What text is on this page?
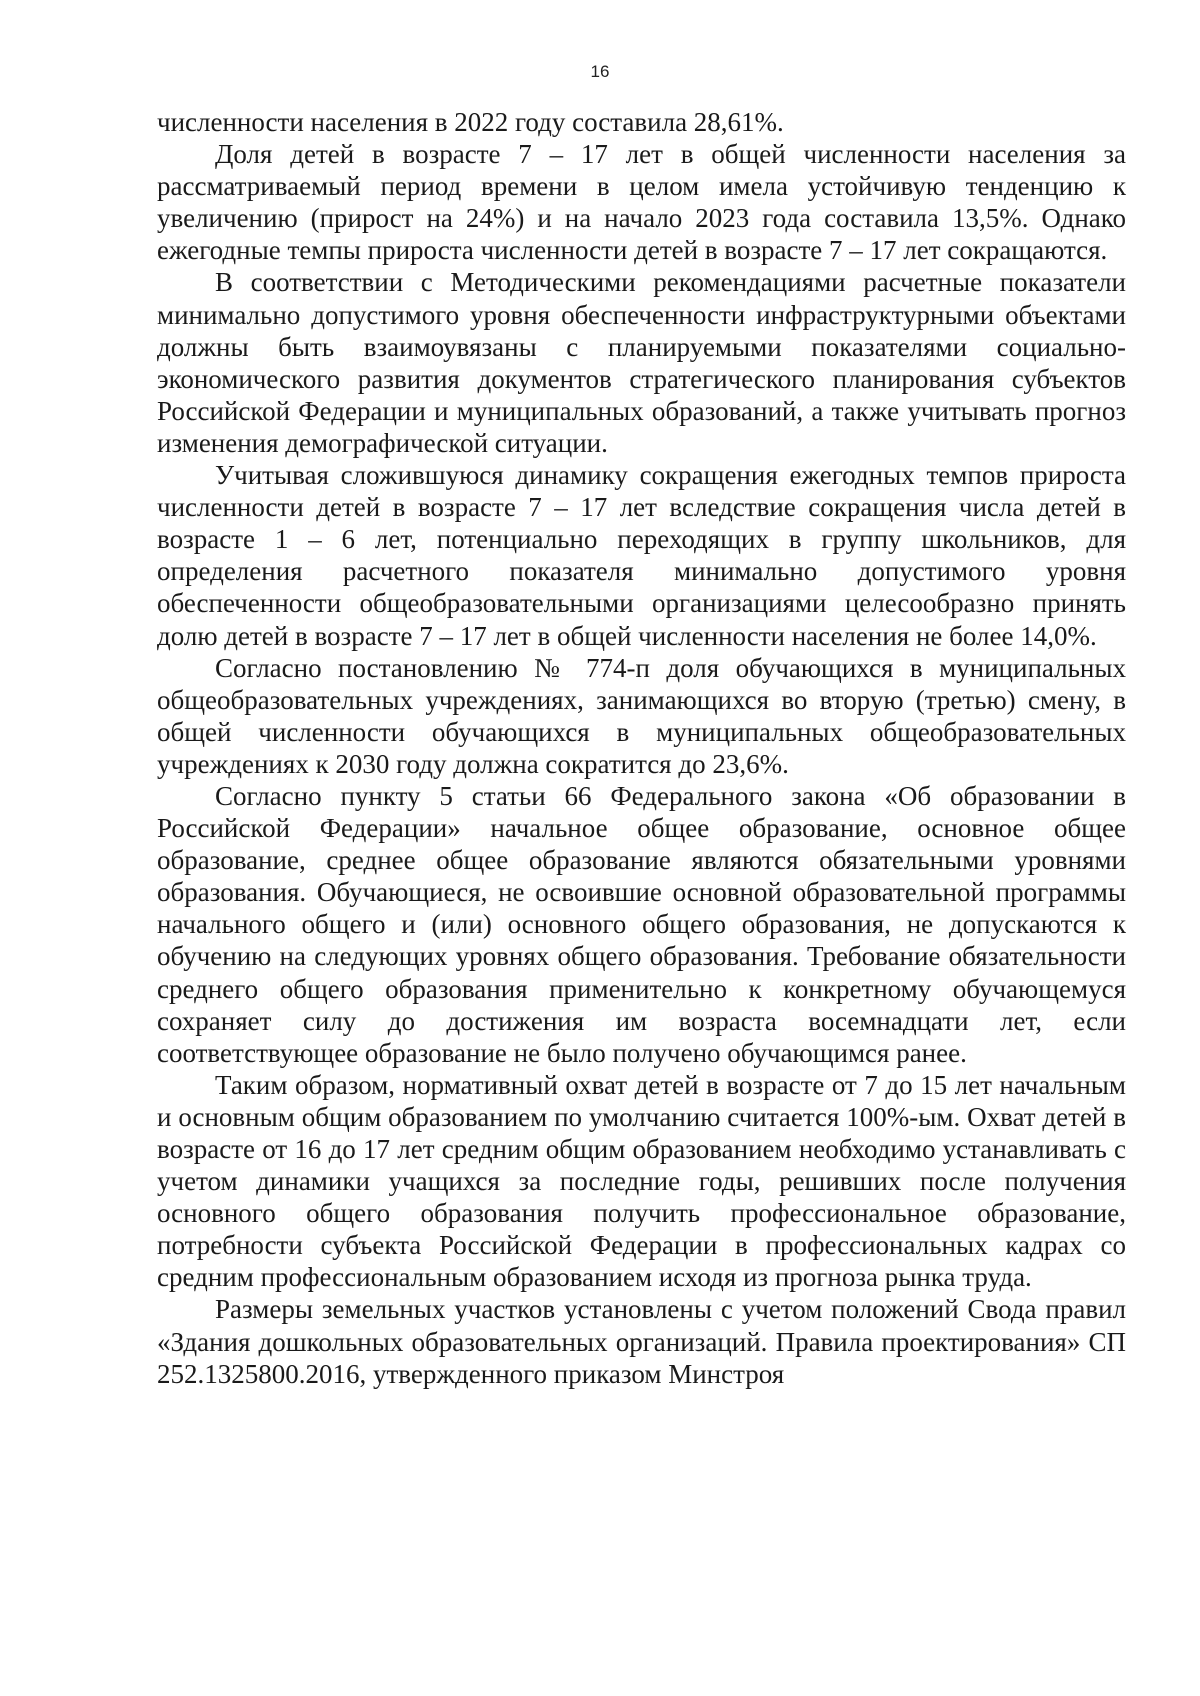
16

численности населения в 2022 году составила 28,61%.

Доля детей в возрасте 7 – 17 лет в общей численности населения за рассматриваемый период времени в целом имела устойчивую тенденцию к увеличению (прирост на 24%) и на начало 2023 года составила 13,5%. Однако ежегодные темпы прироста численности детей в возрасте 7 – 17 лет сокращаются.

В соответствии с Методическими рекомендациями расчетные показатели минимально допустимого уровня обеспеченности инфраструктурными объектами должны быть взаимоувязаны с планируемыми показателями социально-экономического развития документов стратегического планирования субъектов Российской Федерации и муниципальных образований, а также учитывать прогноз изменения демографической ситуации.

Учитывая сложившуюся динамику сокращения ежегодных темпов прироста численности детей в возрасте 7 – 17 лет вследствие сокращения числа детей в возрасте 1 – 6 лет, потенциально переходящих в группу школьников, для определения расчетного показателя минимально допустимого уровня обеспеченности общеобразовательными организациями целесообразно принять долю детей в возрасте 7 – 17 лет в общей численности населения не более 14,0%.

Согласно постановлению № 774-п доля обучающихся в муниципальных общеобразовательных учреждениях, занимающихся во вторую (третью) смену, в общей численности обучающихся в муниципальных общеобразовательных учреждениях к 2030 году должна сократится до 23,6%.

Согласно пункту 5 статьи 66 Федерального закона «Об образовании в Российской Федерации» начальное общее образование, основное общее образование, среднее общее образование являются обязательными уровнями образования. Обучающиеся, не освоившие основной образовательной программы начального общего и (или) основного общего образования, не допускаются к обучению на следующих уровнях общего образования. Требование обязательности среднего общего образования применительно к конкретному обучающемуся сохраняет силу до достижения им возраста восемнадцати лет, если соответствующее образование не было получено обучающимся ранее.

Таким образом, нормативный охват детей в возрасте от 7 до 15 лет начальным и основным общим образованием по умолчанию считается 100%-ым. Охват детей в возрасте от 16 до 17 лет средним общим образованием необходимо устанавливать с учетом динамики учащихся за последние годы, решивших после получения основного общего образования получить профессиональное образование, потребности субъекта Российской Федерации в профессиональных кадрах со средним профессиональным образованием исходя из прогноза рынка труда.

Размеры земельных участков установлены с учетом положений Свода правил «Здания дошкольных образовательных организаций. Правила проектирования» СП 252.1325800.2016, утвержденного приказом Минстроя
